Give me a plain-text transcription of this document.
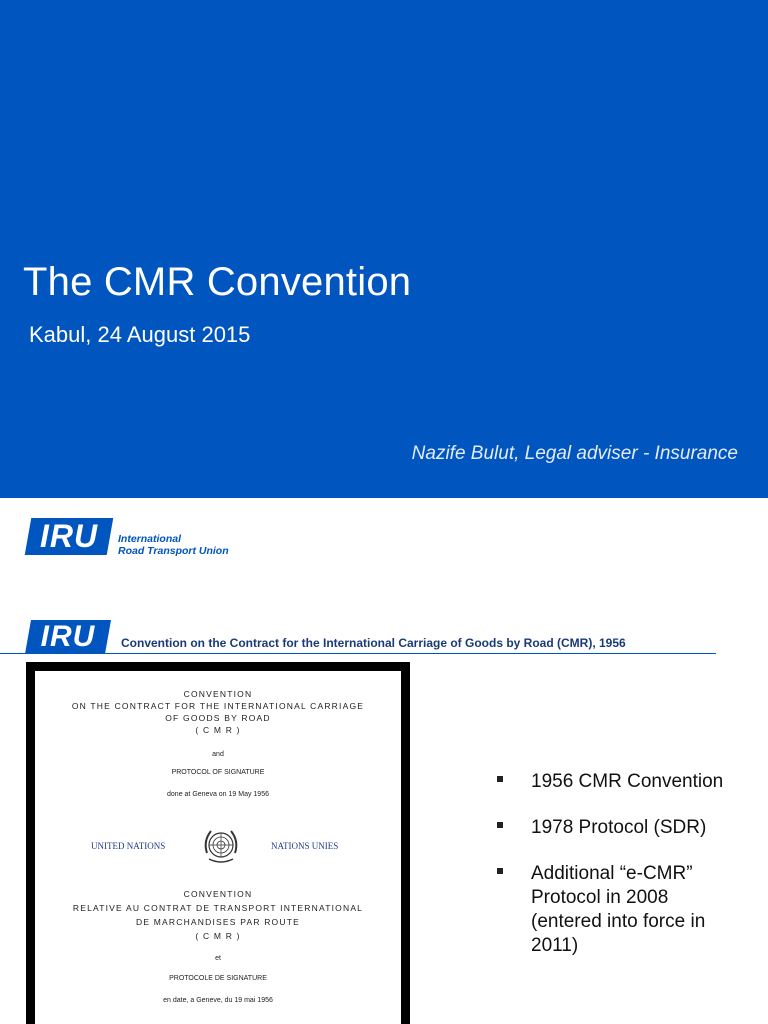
The CMR Convention
Kabul, 24 August 2015
Nazife Bulut, Legal adviser - Insurance
IRU	International
Road Transport Union
IRU	Convention on the Contract for the International Carriage of Goods by Road (CMR), 1956
CONVENTION
ON THE CONTRACT FOR THE INTERNATIONAL CARRIAGE
OF GOODS BY ROAD
( C M R )
and
PROTOCOL OF SIGNATURE
done at Geneva on 19 May 1956
UNITED NATIONS	NATIONS UNIES
CONVENTION
RELATIVE AU CONTRAT DE TRANSPORT INTERNATIONAL
DE MARCHANDISES PAR ROUTE
( C M R )
et
PROTOCOLE DE SIGNATURE
en date, a Geneve, du 19 mai 1956
1956 CMR Convention
1978 Protocol (SDR)
Additional “e-CMR” Protocol in 2008 (entered into force in 2011)
